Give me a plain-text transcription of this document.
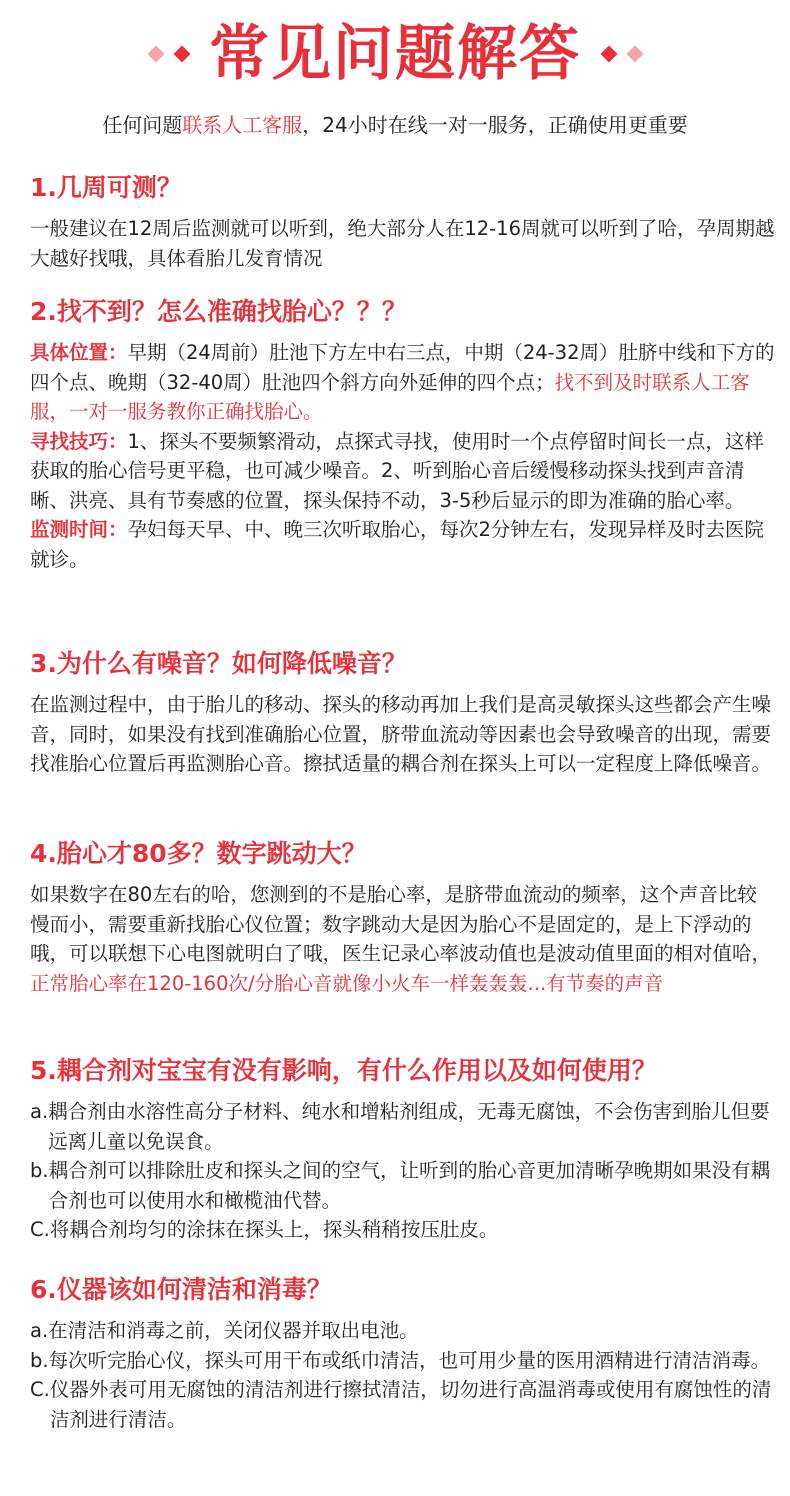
常见问题解答
任何问题联系人工客服，24小时在线一对一服务，正确使用更重要
1.几周可测？

一般建议在12周后监测就可以听到，绝大部分人在12-16周就可以听到了哈，孕周期越大越好找哦，具体看胎儿发育情况

2.找不到？怎么准确找胎心？？？

具体位置：早期（24周前）肚池下方左中右三点，中期（24-32周）肚脐中线和下方的四个点、晚期（32-40周）肚池四个斜方向外延伸的四个点；找不到及时联系人工客服，一对一服务教你正确找胎心。

寻找技巧：1、探头不要频繁滑动，点探式寻找，使用时一个点停留时间长一点，这样获取的胎心信号更平稳，也可减少噪音。2、听到胎心音后缓慢移动探头找到声音清晰、洪亮、具有节奏感的位置，探头保持不动，3-5秒后显示的即为准确的胎心率。

监测时间：孕妇每天早、中、晚三次听取胎心，每次2分钟左右，发现异样及时去医院就诊。

3.为什么有噪音？如何降低噪音？

在监测过程中，由于胎儿的移动、探头的移动再加上我们是高灵敏探头这些都会产生噪音，同时，如果没有找到准确胎心位置，脐带血流动等因素也会导致噪音的出现，需要找准胎心位置后再监测胎心音。擦拭适量的耦合剂在探头上可以一定程度上降低噪音。

4.胎心才80多？数字跳动大？

如果数字在80左右的哈，您测到的不是胎心率，是脐带血流动的频率，这个声音比较慢而小，需要重新找胎心仪位置；数字跳动大是因为胎心不是固定的，是上下浮动的哦，可以联想下心电图就明白了哦，医生记录心率波动值也是波动值里面的相对值哈，正常胎心率在120-160次/分胎心音就像小火车一样轰轰轰...有节奏的声音

5.耦合剂对宝宝有没有影响，有什么作用以及如何使用？
a. 耦合剂由水溶性高分子材料、纯水和增粘剂组成，无毒无腐蚀，不会伤害到胎儿但要远离儿童以免误食。
b. 耦合剂可以排除肚皮和探头之间的空气，让听到的胎心音更加清晰孕晚期如果没有耦合剂也可以使用水和橄榄油代替。
C. 将耦合剂均匀的涂抹在探头上，探头稍稍按压肚皮。
6.仪器该如何清洁和消毒？
a. 在清洁和消毒之前，关闭仪器并取出电池。
b. 每次听完胎心仪，探头可用干布或纸巾清洁，也可用少量的医用酒精进行清洁消毒。
C. 仪器外表可用无腐蚀的清洁剂进行擦拭清洁，切勿进行高温消毒或使用有腐蚀性的清洁剂进行清洁。
